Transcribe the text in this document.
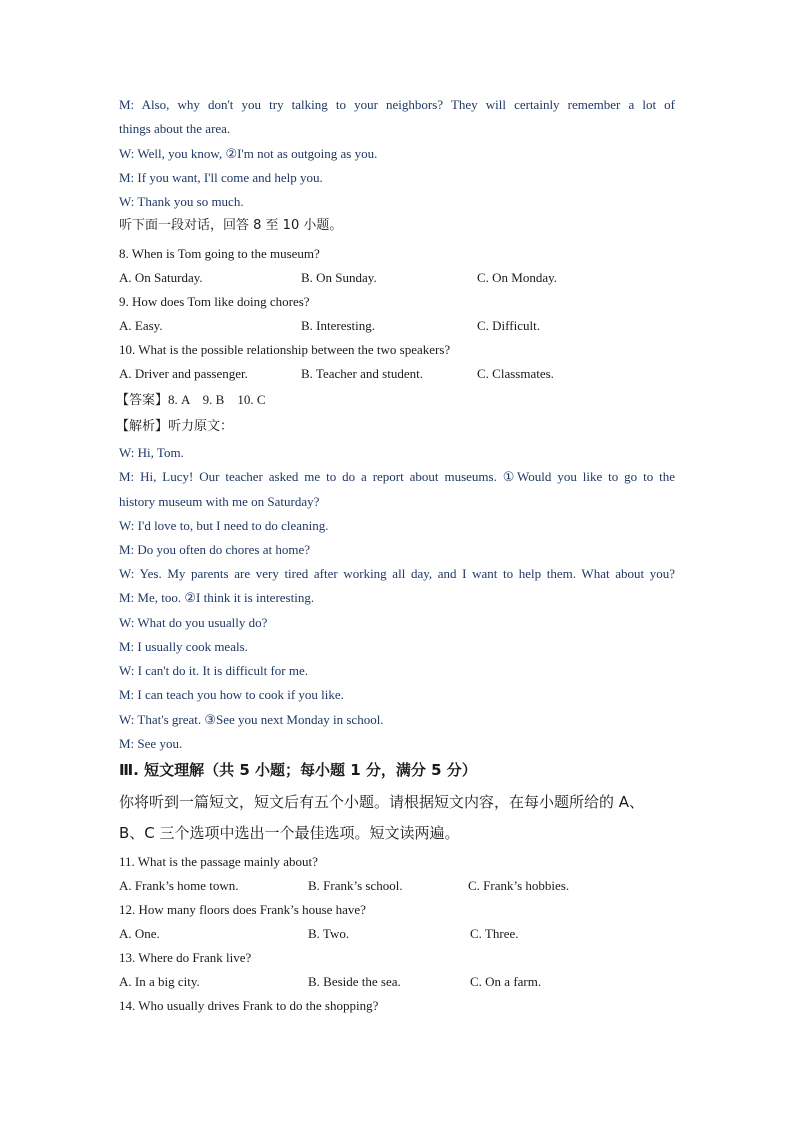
M: Also, why don't you try talking to your neighbors? They will certainly remember a lot of
things about the area.
W: Well, you know, ②I'm not as outgoing as you.
M: If you want, I'll come and help you.
W: Thank you so much.
听下面一段对话，回答 8 至 10 小题。
8. When is Tom going to the museum?
A. On Saturday.	B. On Sunday.	C. On Monday.
9. How does Tom like doing chores?
A. Easy.	B. Interesting.	C. Difficult.
10. What is the possible relationship between the two speakers?
A. Driver and passenger.	B. Teacher and student.	C. Classmates.
【答案】8. A    9. B    10. C
【解析】听力原文：
W: Hi, Tom.
M: Hi, Lucy! Our teacher asked me to do a report about museums. ①Would you like to go to the
history museum with me on Saturday?
W: I'd love to, but I need to do cleaning.
M: Do you often do chores at home?
W: Yes. My parents are very tired after working all day, and I want to help them. What about you?
M: Me, too. ②I think it is interesting.
W: What do you usually do?
M: I usually cook meals.
W: I can't do it. It is difficult for me.
M: I can teach you how to cook if you like.
W: That's great. ③See you next Monday in school.
M: See you.
Ⅲ. 短文理解（共 5 小题；每小题 1 分，满分 5 分）
你将听到一篇短文，短文后有五个小题。请根据短文内容，在每小题所给的 A、
B、C 三个选项中选出一个最佳选项。短文读两遍。
11. What is the passage mainly about?
A. Frank’s home town.	B. Frank’s school.	C. Frank’s hobbies.
12. How many floors does Frank’s house have?
A. One.	B. Two.	C. Three.
13. Where do Frank live?
A. In a big city.	B. Beside the sea.	C. On a farm.
14. Who usually drives Frank to do the shopping?
